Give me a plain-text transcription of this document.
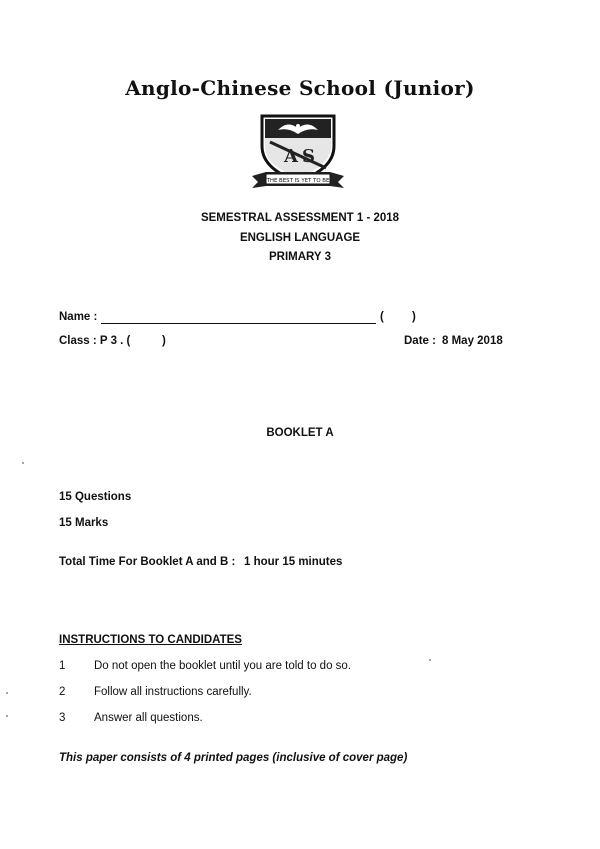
Anglo-Chinese School (Junior)
A S
THE BEST IS YET TO BE
SEMESTRAL ASSESSMENT 1 - 2018
ENGLISH LANGUAGE
PRIMARY 3
Name :	( )
Class : P 3 . (	)	Date : 8 May 2018
BOOKLET A
15 Questions
15 Marks
Total Time For Booklet A and B : 1 hour 15 minutes
INSTRUCTIONS TO CANDIDATES
1 Do not open the booklet until you are told to do so.
2 Follow all instructions carefully.
3 Answer all questions.
This paper consists of 4 printed pages (inclusive of cover page)
